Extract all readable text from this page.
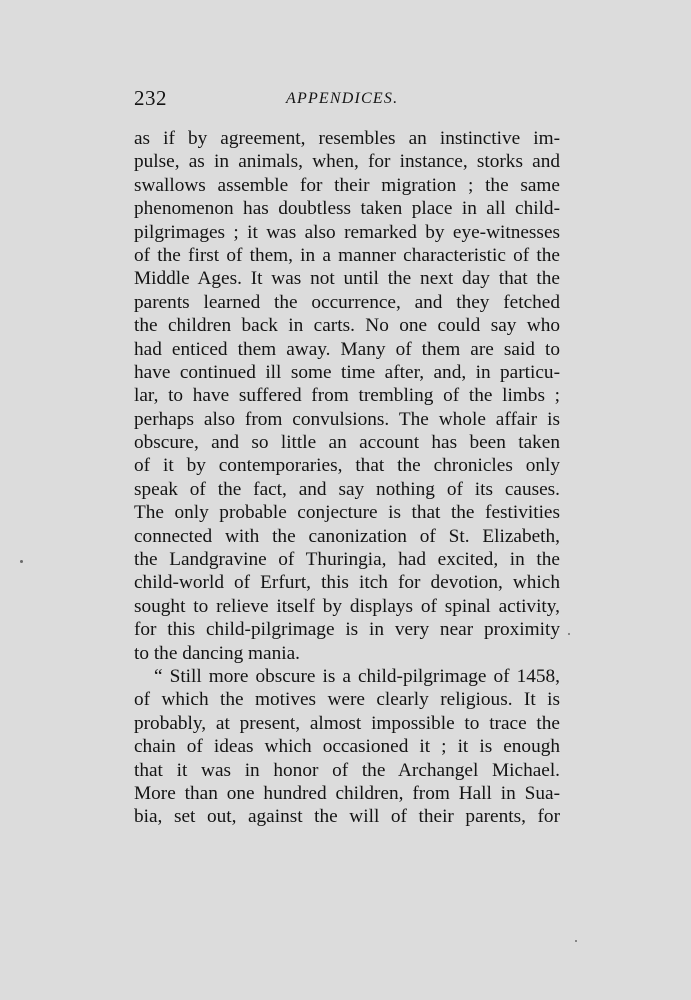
232	APPENDICES.
as if by agreement, resembles an instinctive im-
pulse, as in animals, when, for instance, storks and
swallows assemble for their migration ; the same
phenomenon has doubtless taken place in all child-
pilgrimages ; it was also remarked by eye-witnesses
of the first of them, in a manner characteristic of the
Middle Ages. It was not until the next day that the
parents learned the occurrence, and they fetched
the children back in carts. No one could say who
had enticed them away. Many of them are said to
have continued ill some time after, and, in particu-
lar, to have suffered from trembling of the limbs ;
perhaps also from convulsions. The whole affair is
obscure, and so little an account has been taken
of it by contemporaries, that the chronicles only
speak of the fact, and say nothing of its causes.
The only probable conjecture is that the festivities
connected with the canonization of St. Elizabeth,
the Landgravine of Thuringia, had excited, in the
child-world of Erfurt, this itch for devotion, which
sought to relieve itself by displays of spinal activity,
for this child-pilgrimage is in very near proximity
to the dancing mania.
“ Still more obscure is a child-pilgrimage of 1458,
of which the motives were clearly religious. It is
probably, at present, almost impossible to trace the
chain of ideas which occasioned it ; it is enough
that it was in honor of the Archangel Michael.
More than one hundred children, from Hall in Sua-
bia, set out, against the will of their parents, for
